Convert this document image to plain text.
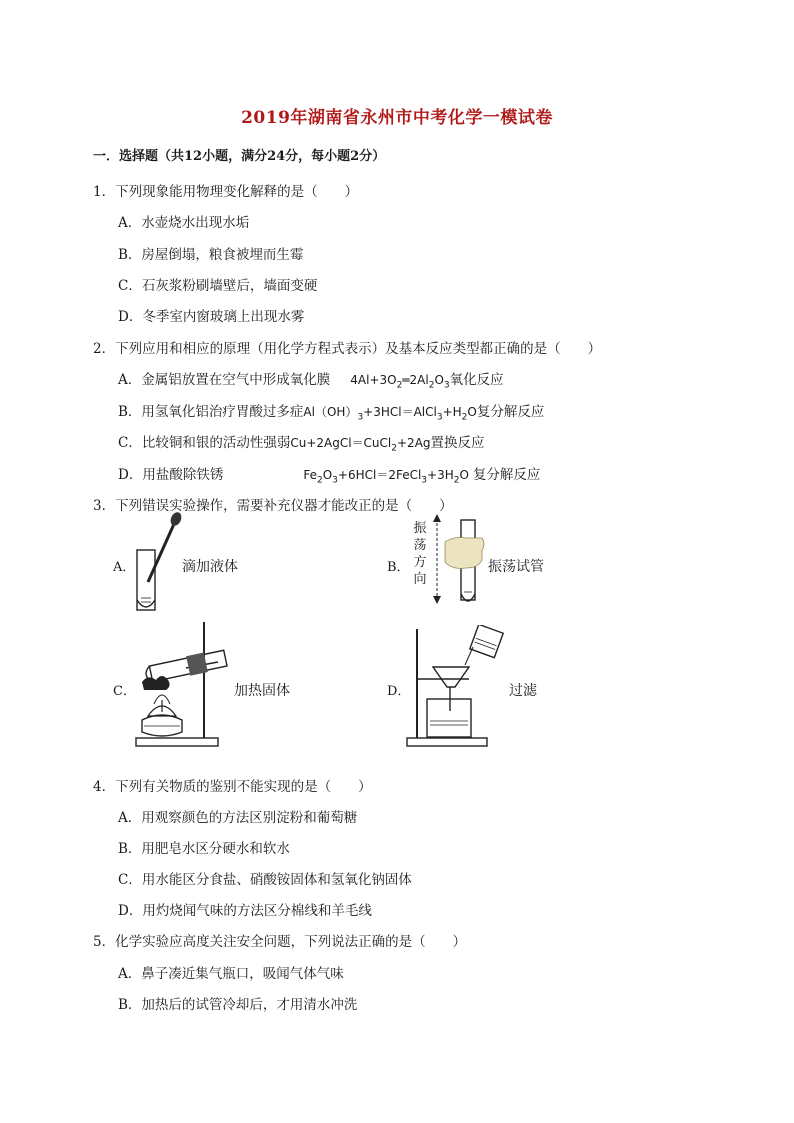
2019年湖南省永州市中考化学一模试卷
一．选择题（共12小题，满分24分，每小题2分）
1．下列现象能用物理变化解释的是（　　）
A．水壶烧水出现水垢
B．房屋倒塌，粮食被埋而生霉
C．石灰浆粉刷墙壁后，墙面变硬
D．冬季室内窗玻璃上出现水雾
2．下列应用和相应的原理（用化学方程式表示）及基本反应类型都正确的是（　　）
A．金属铝放置在空气中形成氧化膜 $4Al+3O_2═2Al_2O_3$氧化反应
B．用氢氧化铝治疗胃酸过多症$Al(OH)_3+3HCl=AlCl_3+H_2O$复分解反应
C．比较铜和银的活动性强弱Cu+2AgCl＝CuCl$_2$+2Ag置换反应
D．用盐酸除铁锈	$Fe_2O_3+6HCl=2FeCl_3+3H_2O$ 复分解反应
3．下列错误实验操作，需要补充仪器才能改正的是（　　）
A．	滴加液体	B．
振荡方向
振荡试管
C．	加热固体	D．	过滤
4．下列有关物质的鉴别不能实现的是（　　）
A．用观察颜色的方法区别淀粉和葡萄糖
B．用肥皂水区分硬水和软水
C．用水能区分食盐、硝酸铵固体和氢氧化钠固体
D．用灼烧闻气味的方法区分棉线和羊毛线
5．化学实验应高度关注安全问题，下列说法正确的是（　　）
A．鼻子凑近集气瓶口，吸闻气体气味
B．加热后的试管冷却后，才用清水冲洗
